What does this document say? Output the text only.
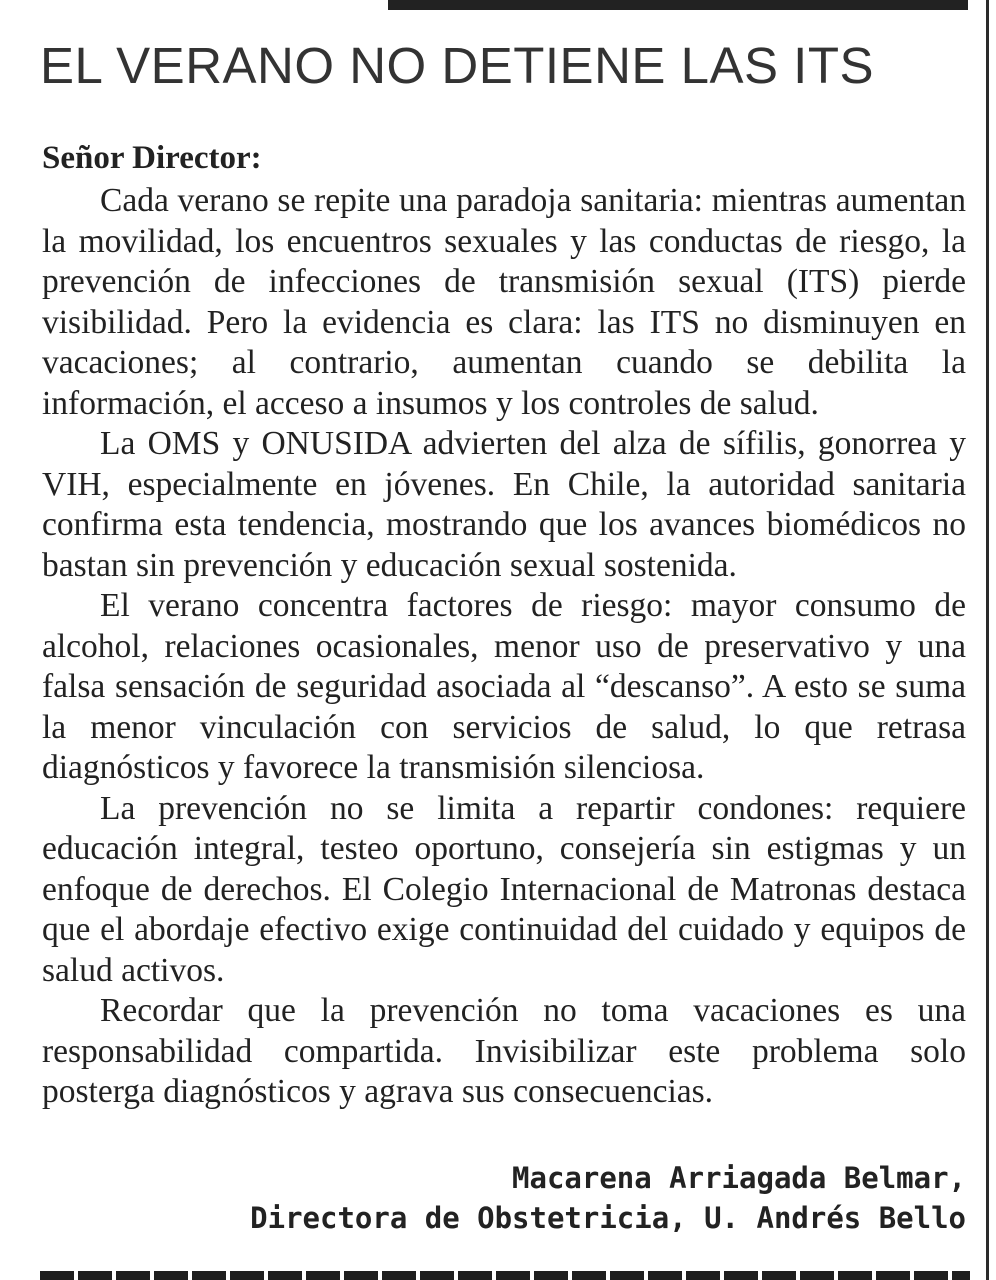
EL VERANO NO DETIENE LAS ITS
Señor Director:

Cada verano se repite una paradoja sanitaria: mientras aumentan la movilidad, los encuentros sexuales y las conductas de riesgo, la prevención de infecciones de transmisión sexual (ITS) pierde visibilidad. Pero la evidencia es clara: las ITS no disminuyen en vacaciones; al contrario, aumentan cuando se debilita la información, el acceso a insumos y los controles de salud.

La OMS y ONUSIDA advierten del alza de sífilis, gonorrea y VIH, especialmente en jóvenes. En Chile, la autoridad sanitaria confirma esta tendencia, mostrando que los avances biomédicos no bastan sin prevención y educación sexual sostenida.

El verano concentra factores de riesgo: mayor consumo de alcohol, relaciones ocasionales, menor uso de preservativo y una falsa sensación de seguridad asociada al “descanso”. A esto se suma la menor vinculación con servicios de salud, lo que retrasa diagnósticos y favorece la transmisión silenciosa.

La prevención no se limita a repartir condones: requiere educación integral, testeo oportuno, consejería sin estigmas y un enfoque de derechos. El Colegio Internacional de Matronas destaca que el abordaje efectivo exige continuidad del cuidado y equipos de salud activos.

Recordar que la prevención no toma vacaciones es una responsabilidad compartida. Invisibilizar este problema solo posterga diagnósticos y agrava sus consecuencias.

Macarena Arriagada Belmar,
Directora de Obstetricia, U. Andrés Bello
